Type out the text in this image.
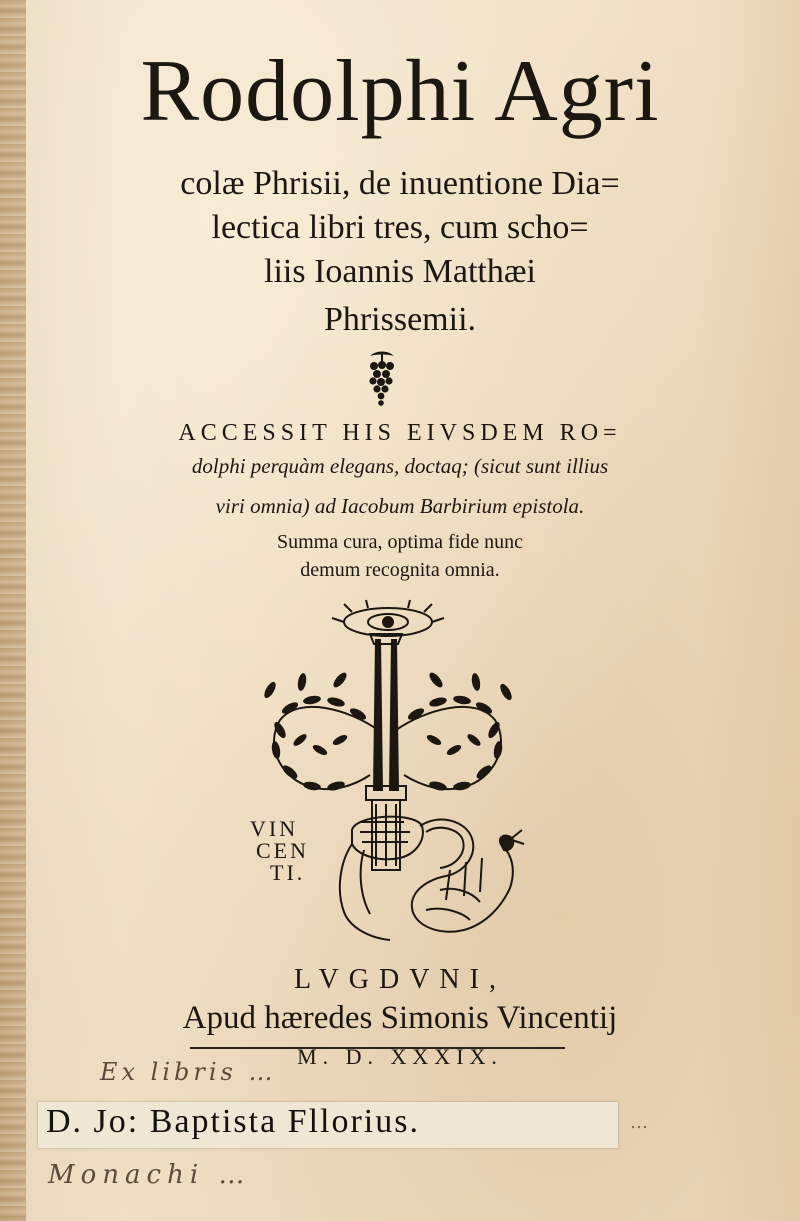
Rodolphi Agri
colæ Phrisii, de inuentione Dia=
lectica libri tres, cum scho=
liis Ioannis Matthæi
Phrissemii.
ACCESSIT HIS EIVSDEM RO=
dolphi perquàm elegans, doctaq; (sicut sunt illius
viri omnia) ad Iacobum Barbirium epistola.
Summa cura, optima fide nunc
demum recognita omnia.
VIN
CEN
TI.
LVGDVNI,
Apud hæredes Simonis Vincentij
M. D. XXXIX.
Ex libris …
D. Jo: Baptista Fllorius.	…
Monachi …
